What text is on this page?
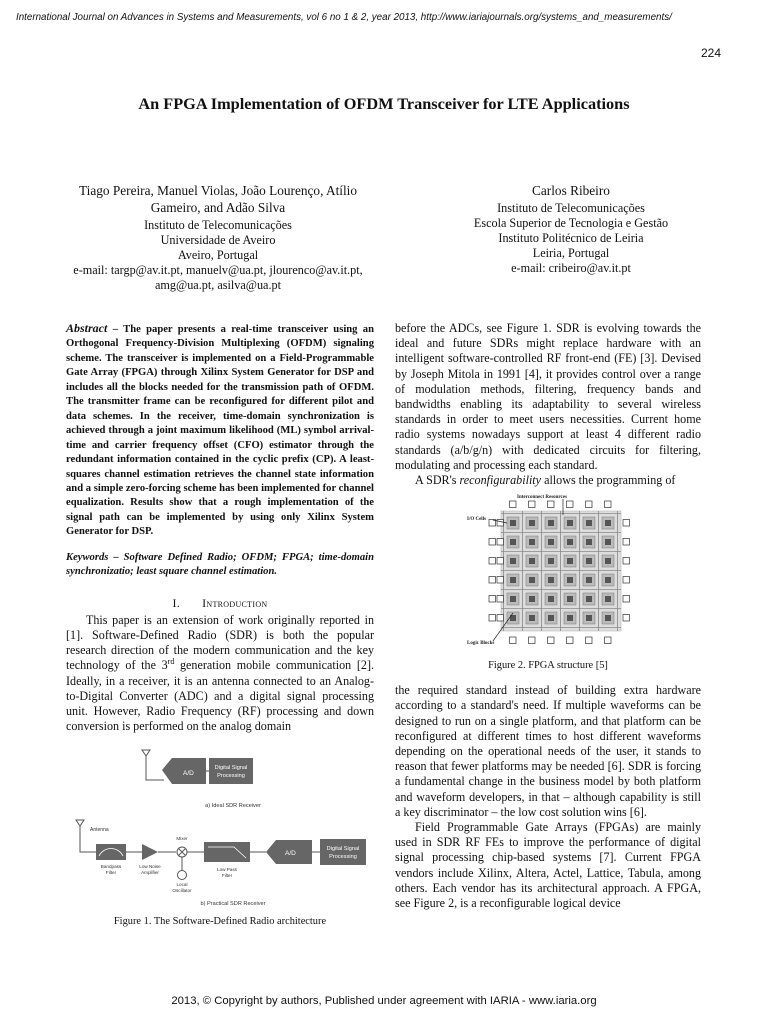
International Journal on Advances in Systems and Measurements, vol 6 no 1 & 2, year 2013, http://www.iariajournals.org/systems_and_measurements/
224
An FPGA Implementation of OFDM Transceiver for LTE Applications
Tiago Pereira, Manuel Violas, João Lourenço, Atílio
Gameiro, and Adão Silva
Instituto de Telecomunicações
Universidade de Aveiro
Aveiro, Portugal
e-mail: targp@av.it.pt, manuelv@ua.pt, jlourenco@av.it.pt,
amg@ua.pt, asilva@ua.pt
Carlos Ribeiro
Instituto de Telecomunicações
Escola Superior de Tecnologia e Gestão
Instituto Politécnico de Leiria
Leiria, Portugal
e-mail: cribeiro@av.it.pt
Abstract – The paper presents a real-time transceiver using an Orthogonal Frequency-Division Multiplexing (OFDM) signaling scheme. The transceiver is implemented on a Field-Programmable Gate Array (FPGA) through Xilinx System Generator for DSP and includes all the blocks needed for the transmission path of OFDM. The transmitter frame can be reconfigured for different pilot and data schemes. In the receiver, time-domain synchronization is achieved through a joint maximum likelihood (ML) symbol arrival-time and carrier frequency offset (CFO) estimator through the redundant information contained in the cyclic prefix (CP). A least-squares channel estimation retrieves the channel state information and a simple zero-forcing scheme has been implemented for channel equalization. Results show that a rough implementation of the signal path can be implemented by using only Xilinx System Generator for DSP.
Keywords – Software Defined Radio; OFDM; FPGA; time-domain synchronizatio; least square channel estimation.
I. Introduction

This paper is an extension of work originally reported in [1]. Software-Defined Radio (SDR) is both the popular research direction of the modern communication and the key technology of the 3rd generation mobile communication [2]. Ideally, in a receiver, it is an antenna connected to an Analog-to-Digital Converter (ADC) and a digital signal processing unit. However, Radio Frequency (RF) processing and down conversion is performed on the analog domain

before the ADCs, see Figure 1. SDR is evolving towards the ideal and future SDRs might replace hardware with an intelligent software-controlled RF front-end (FE) [3]. Devised by Joseph Mitola in 1991 [4], it provides control over a range of modulation methods, filtering, frequency bands and bandwidths enabling its adaptability to several wireless standards in order to meet users necessities. Current home radio systems nowadays support at least 4 different radio standards (a/b/g/n) with dedicated circuits for filtering, modulating and processing each standard.

A SDR's reconfigurability allows the programming of

the required standard instead of building extra hardware according to a standard's need. If multiple waveforms can be designed to run on a single platform, and that platform can be reconfigured at different times to host different waveforms depending on the operational needs of the user, it stands to reason that fewer platforms may be needed [6]. SDR is forcing a fundamental change in the business model by both platform and waveform developers, in that – although capability is still a key discriminator – the low cost solution wins [6].

Field Programmable Gate Arrays (FPGAs) are mainly used in SDR RF FEs to improve the performance of digital signal processing chip-based systems [7]. Current FPGA vendors include Xilinx, Altera, Actel, Lattice, Tabula, among others. Each vendor has its architectural approach. A FPGA, see Figure 2, is a reconfigurable logical device

A/D
Digital Signal
Processing
a) Ideal SDR Receiver
Antenna
Bandpass
Filter
Low Noise
Amplifier
Mixer
Local
Oscillator
Low Pass
Filter
A/D
Digital Signal
Processing
b) Practical SDR Receiver
Figure 1. The Software-Defined Radio architecture
Interconnect Resources
I/O Cells
Logic Blocks
Figure 2. FPGA structure [5]
2013, © Copyright by authors, Published under agreement with IARIA - www.iaria.org
